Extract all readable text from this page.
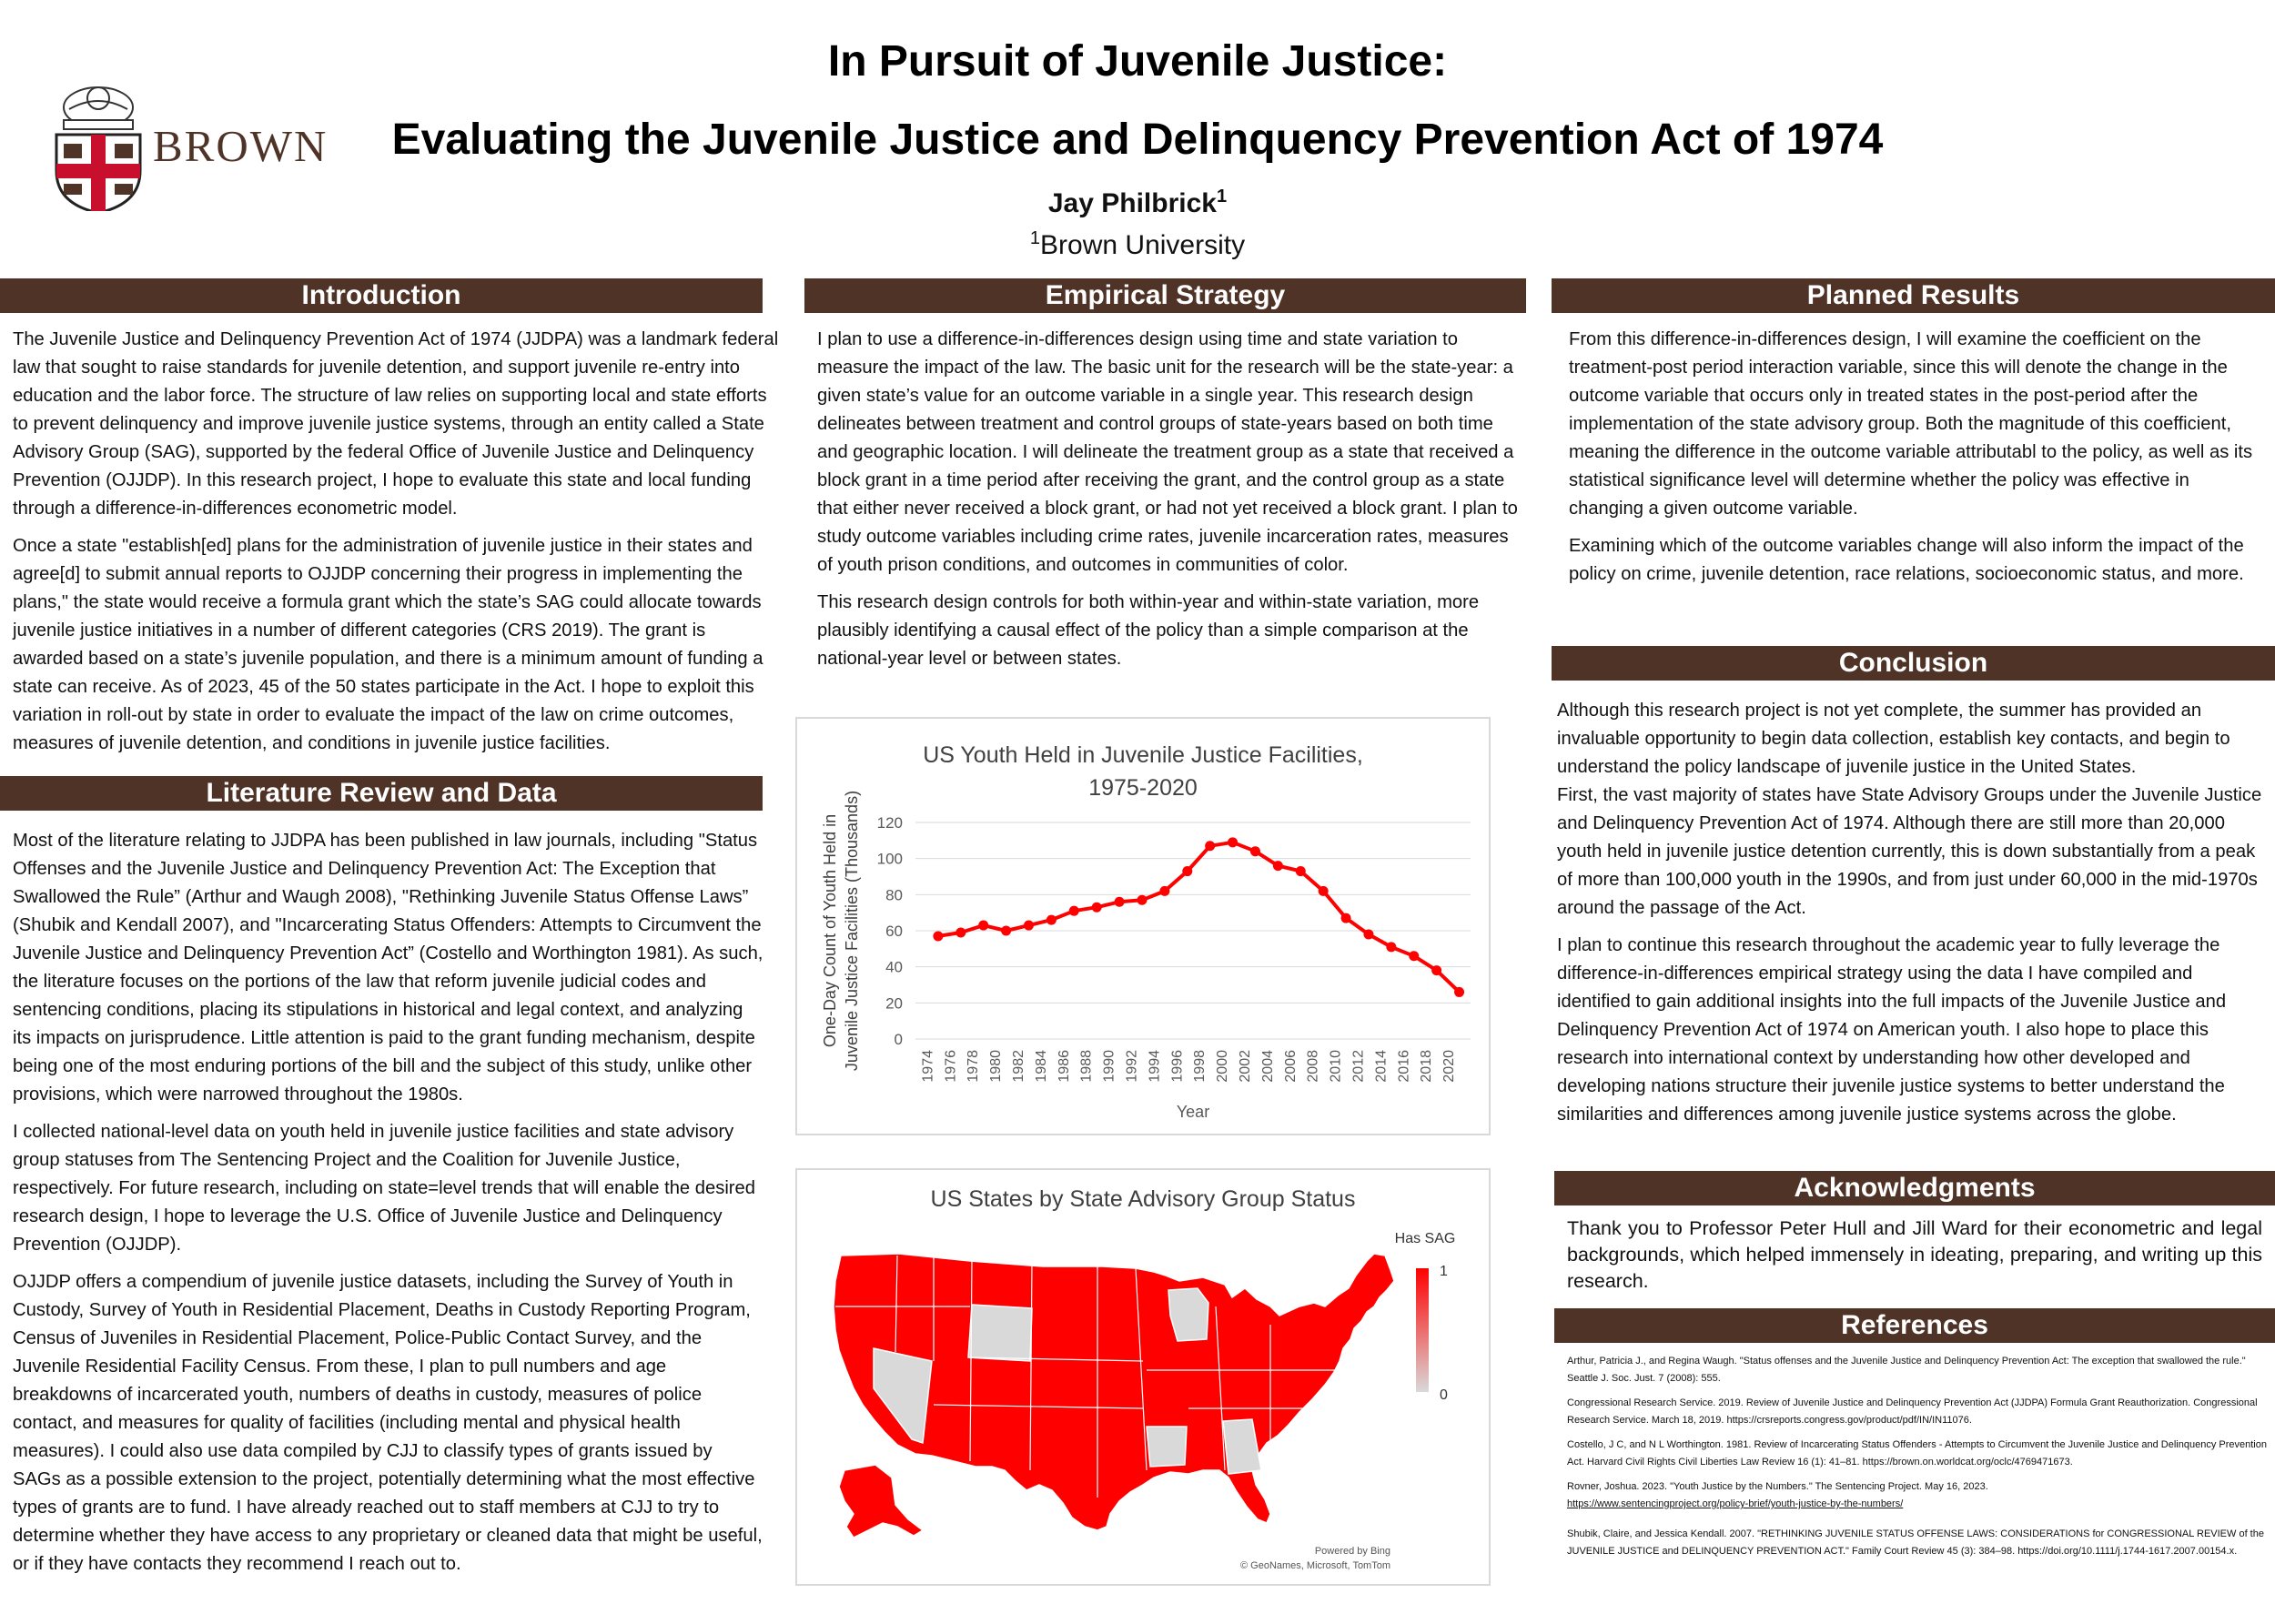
BROWN
In Pursuit of Juvenile Justice:
Evaluating the Juvenile Justice and Delinquency Prevention Act of 1974
Jay Philbrick$^1$
$^1$Brown University
Introduction

The Juvenile Justice and Delinquency Prevention Act of 1974 (JJDPA) was a landmark federal law that sought to raise standards for juvenile detention, and support juvenile re-entry into education and the labor force. The structure of law relies on supporting local and state efforts to prevent delinquency and improve juvenile justice systems, through an entity called a State Advisory Group (SAG), supported by the federal Office of Juvenile Justice and Delinquency Prevention (OJJDP). In this research project, I hope to evaluate this state and local funding through a difference-in-differences econometric model.

Once a state "establish[ed] plans for the administration of juvenile justice in their states and agree[d] to submit annual reports to OJJDP concerning their progress in implementing the plans," the state would receive a formula grant which the state’s SAG could allocate towards juvenile justice initiatives in a number of different categories (CRS 2019). The grant is awarded based on a state’s juvenile population, and there is a minimum amount of funding a state can receive. As of 2023, 45 of the 50 states participate in the Act. I hope to exploit this variation in roll-out by state in order to evaluate the impact of the law on crime outcomes, measures of juvenile detention, and conditions in juvenile justice facilities.

Literature Review and Data

Most of the literature relating to JJDPA has been published in law journals, including "Status Offenses and the Juvenile Justice and Delinquency Prevention Act: The Exception that Swallowed the Rule” (Arthur and Waugh 2008), "Rethinking Juvenile Status Offense Laws” (Shubik and Kendall 2007), and "Incarcerating Status Offenders: Attempts to Circumvent the Juvenile Justice and Delinquency Prevention Act” (Costello and Worthington 1981). As such, the literature focuses on the portions of the law that reform juvenile judicial codes and sentencing conditions, placing its stipulations in historical and legal context, and analyzing its impacts on jurisprudence. Little attention is paid to the grant funding mechanism, despite being one of the most enduring portions of the bill and the subject of this study, unlike other provisions, which were narrowed throughout the 1980s.

I collected national-level data on youth held in juvenile justice facilities and state advisory group statuses from The Sentencing Project and the Coalition for Juvenile Justice, respectively. For future research, including on state=level trends that will enable the desired research design, I hope to leverage the U.S. Office of Juvenile Justice and Delinquency Prevention (OJJDP).

OJJDP offers a compendium of juvenile justice datasets, including the Survey of Youth in Custody, Survey of Youth in Residential Placement, Deaths in Custody Reporting Program, Census of Juveniles in Residential Placement, Police-Public Contact Survey, and the Juvenile Residential Facility Census. From these, I plan to pull numbers and age breakdowns of incarcerated youth, numbers of deaths in custody, measures of police contact, and measures for quality of facilities (including mental and physical health measures). I could also use data compiled by CJJ to classify types of grants issued by SAGs as a possible extension to the project, potentially determining what the most effective types of grants are to fund. I have already reached out to staff members at CJJ to try to determine whether they have access to any proprietary or cleaned data that might be useful, or if they have contacts they recommend I reach out to.

Empirical Strategy

I plan to use a difference-in-differences design using time and state variation to measure the impact of the law. The basic unit for the research will be the state-year: a given state’s value for an outcome variable in a single year. This research design delineates between treatment and control groups of state-years based on both time and geographic location. I will delineate the treatment group as a state that received a block grant in a time period after receiving the grant, and the control group as a state that either never received a block grant, or had not yet received a block grant. I plan to study outcome variables including crime rates, juvenile incarceration rates, measures of youth prison conditions, and outcomes in communities of color.

This research design controls for both within-year and within-state variation, more plausibly identifying a causal effect of the policy than a simple comparison at the national-year level or between states.

US Youth Held in Juvenile Justice Facilities,
1975-2020
0
20
40
60
80
100
120
1974 1976 1978 1980 1982 1984 1986 1988 1990 1992 1994 1996 1998 2000 2002 2004 2006 2008 2010 2012 2014 2016 2018 2020
Year
One-Day Count of Youth Held in Juvenile Justice Facilities (Thousands)
US States by State Advisory Group Status
Has SAG
1
0
Powered by Bing
© GeoNames, Microsoft, TomTom
Planned Results

From this difference-in-differences design, I will examine the coefficient on the treatment-post period interaction variable, since this will denote the change in the outcome variable that occurs only in treated states in the post-period after the implementation of the state advisory group. Both the magnitude of this coefficient, meaning the difference in the outcome variable attributabl to the policy, as well as its statistical significance level will determine whether the policy was effective in changing a given outcome variable.

Examining which of the outcome variables change will also inform the impact of the policy on crime, juvenile detention, race relations, socioeconomic status, and more.

Conclusion

Although this research project is not yet complete, the summer has provided an invaluable opportunity to begin data collection, establish key contacts, and begin to understand the policy landscape of juvenile justice in the United States.
First, the vast majority of states have State Advisory Groups under the Juvenile Justice and Delinquency Prevention Act of 1974. Although there are still more than 20,000 youth held in juvenile justice detention currently, this is down substantially from a peak of more than 100,000 youth in the 1990s, and from just under 60,000 in the mid-1970s around the passage of the Act.

I plan to continue this research throughout the academic year to fully leverage the difference-in-differences empirical strategy using the data I have compiled and identified to gain additional insights into the full impacts of the Juvenile Justice and Delinquency Prevention Act of 1974 on American youth. I also hope to place this research into international context by understanding how other developed and developing nations structure their juvenile justice systems to better understand the similarities and differences among juvenile justice systems across the globe.

Acknowledgments
Thank you to Professor Peter Hull and Jill Ward for their econometric and legal backgrounds, which helped immensely in ideating, preparing, and writing up this research.
References

Arthur, Patricia J., and Regina Waugh. "Status offenses and the Juvenile Justice and Delinquency Prevention Act: The exception that swallowed the rule." Seattle J. Soc. Just. 7 (2008): 555.

Congressional Research Service. 2019. Review of Juvenile Justice and Delinquency Prevention Act (JJDPA) Formula Grant Reauthorization. Congressional Research Service. March 18, 2019. https://crsreports.congress.gov/product/pdf/IN/IN11076.

Costello, J C, and N L Worthington. 1981. Review of Incarcerating Status Offenders - Attempts to Circumvent the Juvenile Justice and Delinquency Prevention Act. Harvard Civil Rights Civil Liberties Law Review 16 (1): 41–81. https://brown.on.worldcat.org/oclc/4769471673.

Rovner, Joshua. 2023. "Youth Justice by the Numbers." The Sentencing Project. May 16, 2023.

https://www.sentencingproject.org/policy-brief/youth-justice-by-the-numbers/

Shubik, Claire, and Jessica Kendall. 2007. "RETHINKING JUVENILE STATUS OFFENSE LAWS: CONSIDERATIONS for CONGRESSIONAL REVIEW of the JUVENILE JUSTICE and DELINQUENCY PREVENTION ACT." Family Court Review 45 (3): 384–98. https://doi.org/10.1111/j.1744-1617.2007.00154.x.
